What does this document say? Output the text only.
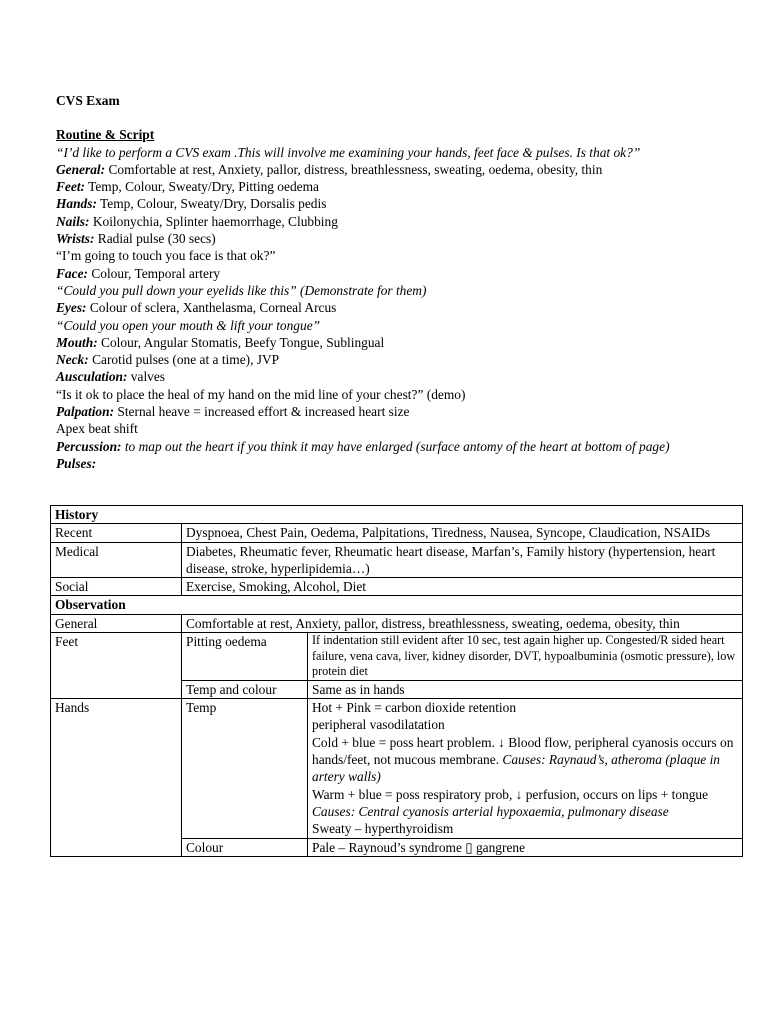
CVS Exam
Routine & Script
“I’d like to perform a CVS exam .This will involve me examining your hands, feet face & pulses. Is that ok?”
General: Comfortable at rest, Anxiety, pallor, distress, breathlessness, sweating, oedema, obesity, thin
Feet: Temp, Colour, Sweaty/Dry, Pitting oedema
Hands: Temp, Colour, Sweaty/Dry, Dorsalis pedis
Nails: Koilonychia, Splinter haemorrhage, Clubbing
Wrists: Radial pulse (30 secs)
“I’m going to touch you face is that ok?”
Face: Colour, Temporal artery
“Could you pull down your eyelids like this” (Demonstrate for them)
Eyes: Colour of sclera, Xanthelasma, Corneal Arcus
“Could you open your mouth & lift your tongue”
Mouth: Colour, Angular Stomatis, Beefy Tongue, Sublingual
Neck: Carotid pulses (one at a time), JVP
Ausculation: valves
“Is it ok to place the heal of my hand on the mid line of your chest?” (demo)
Palpation: Sternal heave = increased effort & increased heart size
Apex beat shift
Percussion: to map out the heart if you think it may have enlarged (surface antomy of the heart at bottom of page)
Pulses:
History		
Recent	Dyspnoea, Chest Pain, Oedema, Palpitations, Tiredness, Nausea, Syncope, Claudication, NSAIDs	
Medical	Diabetes, Rheumatic fever, Rheumatic heart disease, Marfan’s, Family history (hypertension, heart disease, stroke, hyperlipidemia…)	
Social	Exercise, Smoking, Alcohol, Diet	
Observation		
General	Comfortable at rest, Anxiety, pallor, distress, breathlessness, sweating, oedema, obesity, thin	
Feet	Pitting oedema	If indentation still evident after 10 sec, test again higher up. Congested/R sided heart failure, vena cava, liver, kidney disorder, DVT, hypoalbuminia (osmotic pressure), low protein diet
	Temp and colour	Same as in hands
Hands	Temp	Hot + Pink = carbon dioxide retention
peripheral vasodilatation
Cold + blue = poss heart problem. ↓ Blood flow, peripheral cyanosis occurs on hands/feet, not mucous membrane. Causes: Raynaud’s, atheroma (plaque in artery walls)
Warm + blue = poss respiratory prob, ↓ perfusion, occurs on lips + tongue Causes: Central cyanosis arterial hypoxaemia, pulmonary disease
Sweaty – hyperthyroidism

	Colour	Pale – Raynoud’s syndrome ▯ gangrene
